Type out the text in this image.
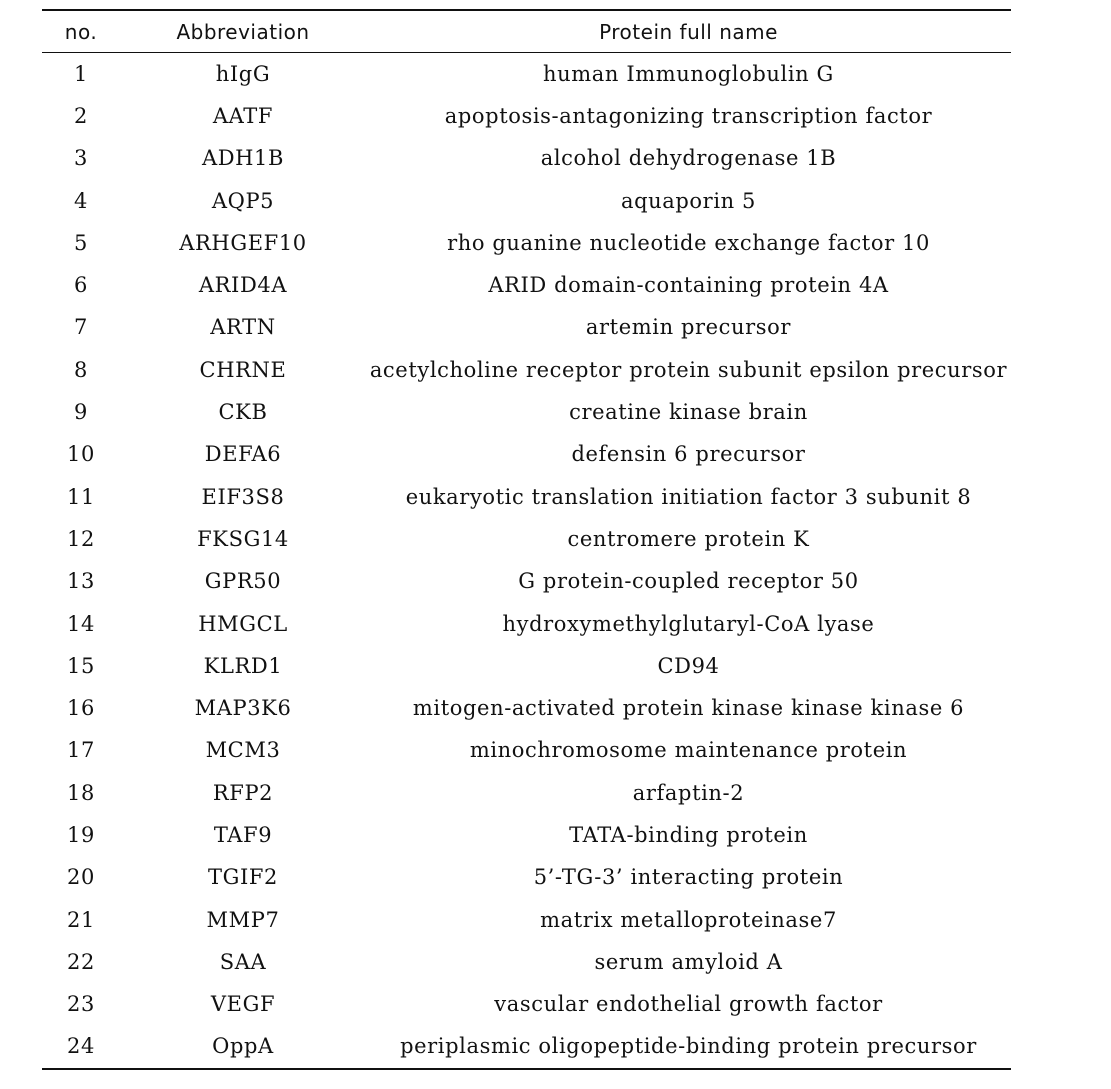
no.	Abbreviation	Protein full name
1	hIgG	human Immunoglobulin G
2	AATF	apoptosis-antagonizing transcription factor
3	ADH1B	alcohol dehydrogenase 1B
4	AQP5	aquaporin 5
5	ARHGEF10	rho guanine nucleotide exchange factor 10
6	ARID4A	ARID domain-containing protein 4A
7	ARTN	artemin precursor
8	CHRNE	acetylcholine receptor protein subunit epsilon precursor
9	CKB	creatine kinase brain
10	DEFA6	defensin 6 precursor
11	EIF3S8	eukaryotic translation initiation factor 3 subunit 8
12	FKSG14	centromere protein K
13	GPR50	G protein-coupled receptor 50
14	HMGCL	hydroxymethylglutaryl-CoA lyase
15	KLRD1	CD94
16	MAP3K6	mitogen-activated protein kinase kinase kinase 6
17	MCM3	minochromosome maintenance protein
18	RFP2	arfaptin-2
19	TAF9	TATA-binding protein
20	TGIF2	5’-TG-3’ interacting protein
21	MMP7	matrix metalloproteinase7
22	SAA	serum amyloid A
23	VEGF	vascular endothelial growth factor
24	OppA	periplasmic oligopeptide-binding protein precursor
